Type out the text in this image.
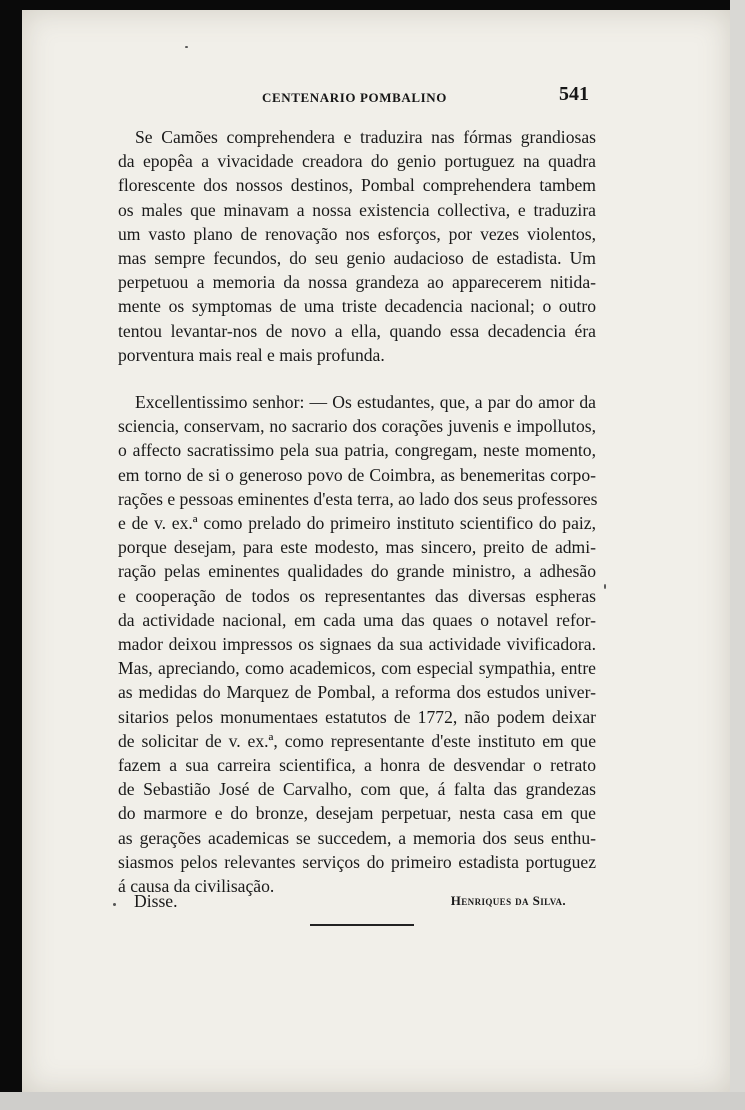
CENTENARIO POMBALINO	541
Se Camões comprehendera e traduzira nas fórmas grandiosas
da epopêa a vivacidade creadora do genio portuguez na quadra
florescente dos nossos destinos, Pombal comprehendera tambem
os males que minavam a nossa existencia collectiva, e traduzira
um vasto plano de renovação nos esforços, por vezes violentos,
mas sempre fecundos, do seu genio audacioso de estadista. Um
perpetuou a memoria da nossa grandeza ao apparecerem nitida-
mente os symptomas de uma triste decadencia nacional; o outro
tentou levantar-nos de novo a ella, quando essa decadencia éra
porventura mais real e mais profunda.
Excellentissimo senhor: — Os estudantes, que, a par do amor da
sciencia, conservam, no sacrario dos corações juvenis e impollutos,
o affecto sacratissimo pela sua patria, congregam, neste momento,
em torno de si o generoso povo de Coimbra, as benemeritas corpo-
rações e pessoas eminentes d'esta terra, ao lado dos seus professores
e de v. ex.ª como prelado do primeiro instituto scientifico do paiz,
porque desejam, para este modesto, mas sincero, preito de admi-
ração pelas eminentes qualidades do grande ministro, a adhesão
e cooperação de todos os representantes das diversas espheras
da actividade nacional, em cada uma das quaes o notavel refor-
mador deixou impressos os signaes da sua actividade vivificadora.
Mas, apreciando, como academicos, com especial sympathia, entre
as medidas do Marquez de Pombal, a reforma dos estudos univer-
sitarios pelos monumentaes estatutos de 1772, não podem deixar
de solicitar de v. ex.ª, como representante d'este instituto em que
fazem a sua carreira scientifica, a honra de desvendar o retrato
de Sebastião José de Carvalho, com que, á falta das grandezas
do marmore e do bronze, desejam perpetuar, nesta casa em que
as gerações academicas se succedem, a memoria dos seus enthu-
siasmos pelos relevantes serviços do primeiro estadista portuguez
á causa da civilisação.
Disse.	Henriques da Silva.
